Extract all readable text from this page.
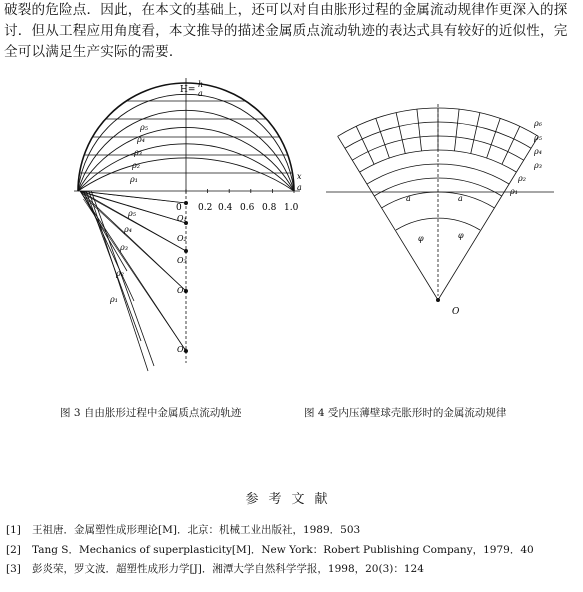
破裂的危险点．因此，在本文的基础上，还可以对自由胀形过程的金属流动规律作更深入的探
讨．但从工程应用角度看，本文推导的描述金属质点流动轨迹的表达式具有较好的近似性，完
全可以满足生产实际的需要．
H=
h
a
x
a
0 0.2 0.4 0.6 0.8 1.0
ρ₅
ρ₄
ρ₃
ρ₂
ρ₁
ρ₅
ρ₄
ρ₃
ρ₂
ρ₁
O₁
O₂
O₃
O₄
O₅
ρ₆
ρ₅
ρ₄
ρ₃
ρ₂
ρ₁
a	a
φ	φ
O
图 3 自由胀形过程中金属质点流动轨迹	图 4 受内压薄壁球壳胀形时的金属流动规律
参考文献
[1] 王祖唐．金属塑性成形理论[M]．北京：机械工业出版社，1989．503
[2] Tang S．Mechanics of superplasticity[M]．New York：Robert Publishing Company，1979．40
[3] 彭炎荣，罗文波．超塑性成形力学[J]．湘潭大学自然科学学报，1998，20(3)：124
